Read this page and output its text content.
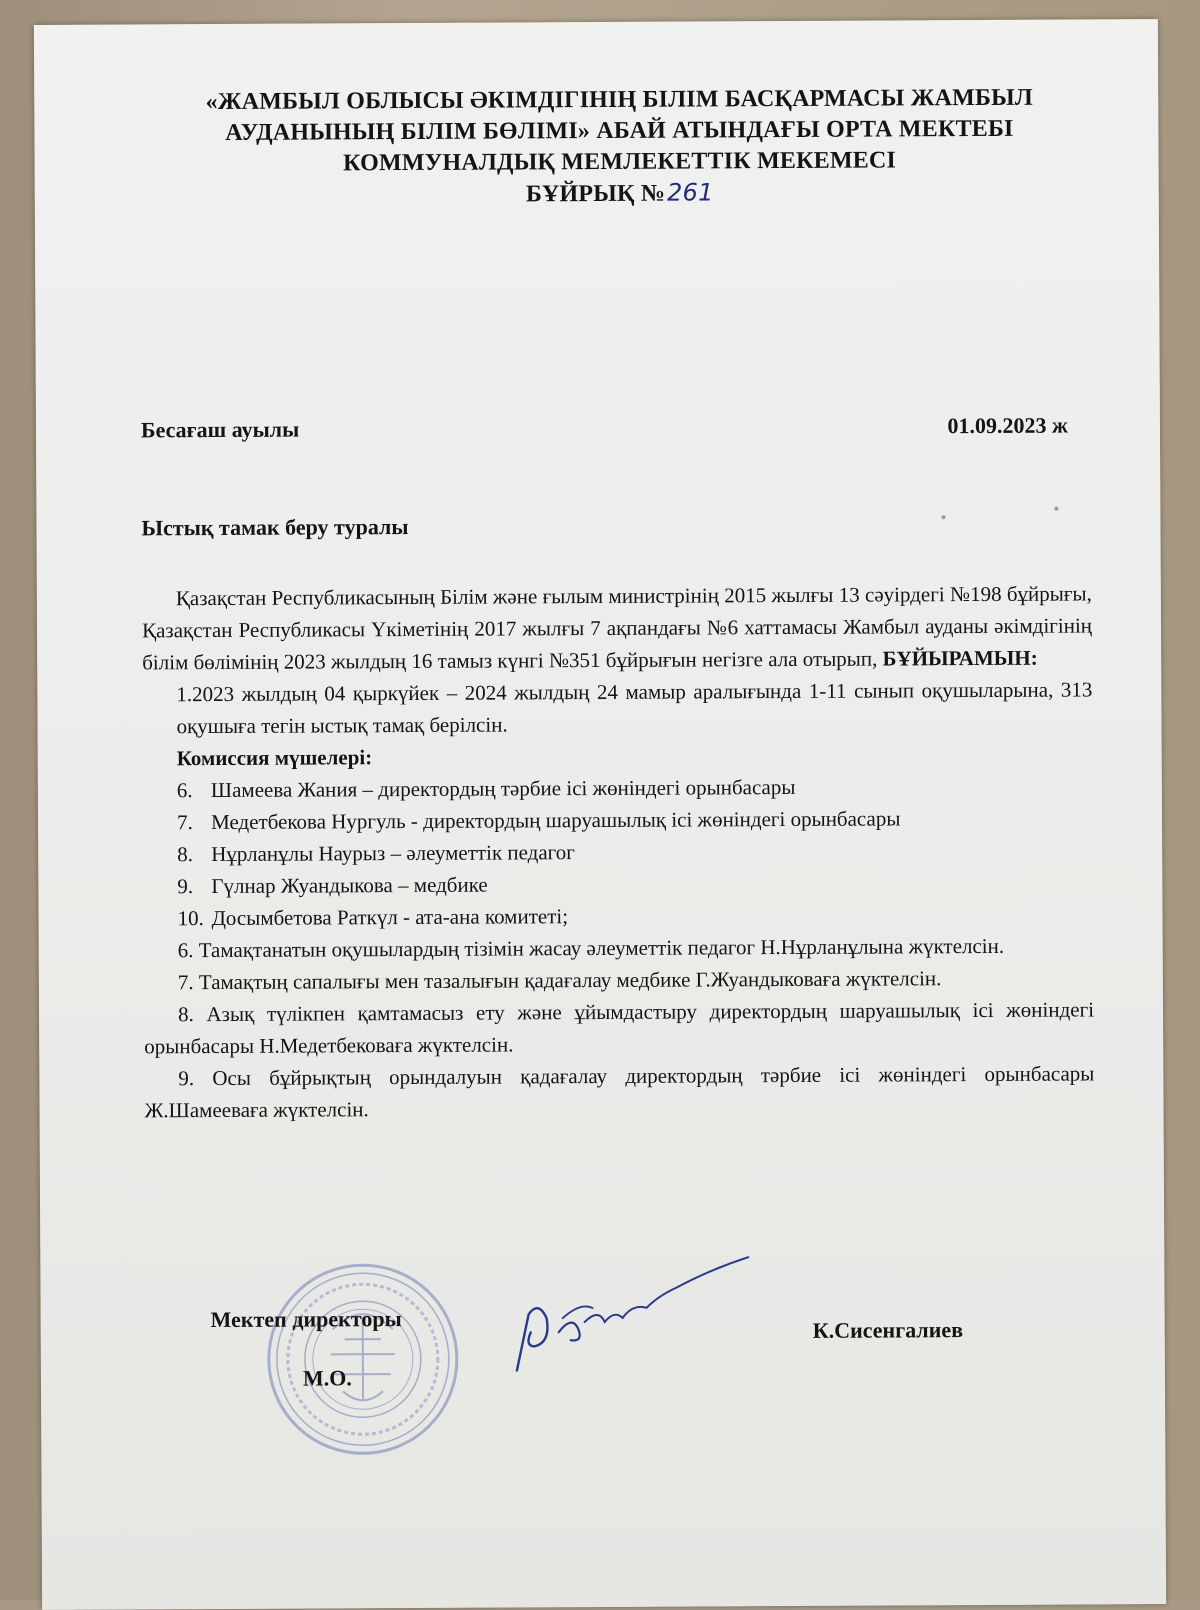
«ЖАМБЫЛ ОБЛЫСЫ ӘКІМДІГІНІҢ БІЛІМ БАСҚАРМАСЫ ЖАМБЫЛ
АУДАНЫНЫҢ БІЛІМ БӨЛІМІ» АБАЙ АТЫНДАҒЫ ОРТА МЕКТЕБІ
КОММУНАЛДЫҚ МЕМЛЕКЕТТІК МЕКЕМЕСІ
БҰЙРЫҚ №261
Бесағаш ауылы	01.09.2023 ж
Ыстық тамак беру туралы

Қазақстан Республикасының Білім және ғылым министрінің 2015 жылғы 13 сәуірдегі №198 бұйрығы, Қазақстан Республикасы Үкіметінің 2017 жылғы 7 ақпандағы №6 хаттамасы Жамбыл ауданы әкімдігінің білім бөлімінің 2023 жылдың 16 тамыз күнгі №351 бұйрығын негізге ала отырып, БҰЙЫРАМЫН:

1.2023 жылдың 04 қыркүйек – 2024 жылдың 24 мамыр аралығында 1-11 сынып оқушыларына, 313 оқушыға тегін ыстық тамақ берілсін.

Комиссия мүшелері:

6. Шамеева Жания – директордың тәрбие ісі жөніндегі орынбасары

7. Медетбекова Нургуль - директордың шаруашылық ісі жөніндегі орынбасары

8. Нұрланұлы Наурыз – әлеуметтік педагог

9. Гүлнар Жуандыкова – медбике

10. Досымбетова Раткүл - ата-ана комитеті;

6. Тамақтанатын оқушылардың тізімін жасау әлеуметтік педагог Н.Нұрланұлына жүктелсін.

7. Тамақтың сапалығы мен тазалығын қадағалау медбике Г.Жуандыковаға жүктелсін.

8. Азық түлікпен қамтамасыз ету және ұйымдастыру директордың шаруашылық ісі жөніндегі орынбасары Н.Медетбековаға жүктелсін.

9. Осы бұйрықтың орындалуын қадағалау директордың тәрбие ісі жөніндегі орынбасары Ж.Шамееваға жүктелсін.

Мектеп директоры
М.О.
К.Сисенгалиев
